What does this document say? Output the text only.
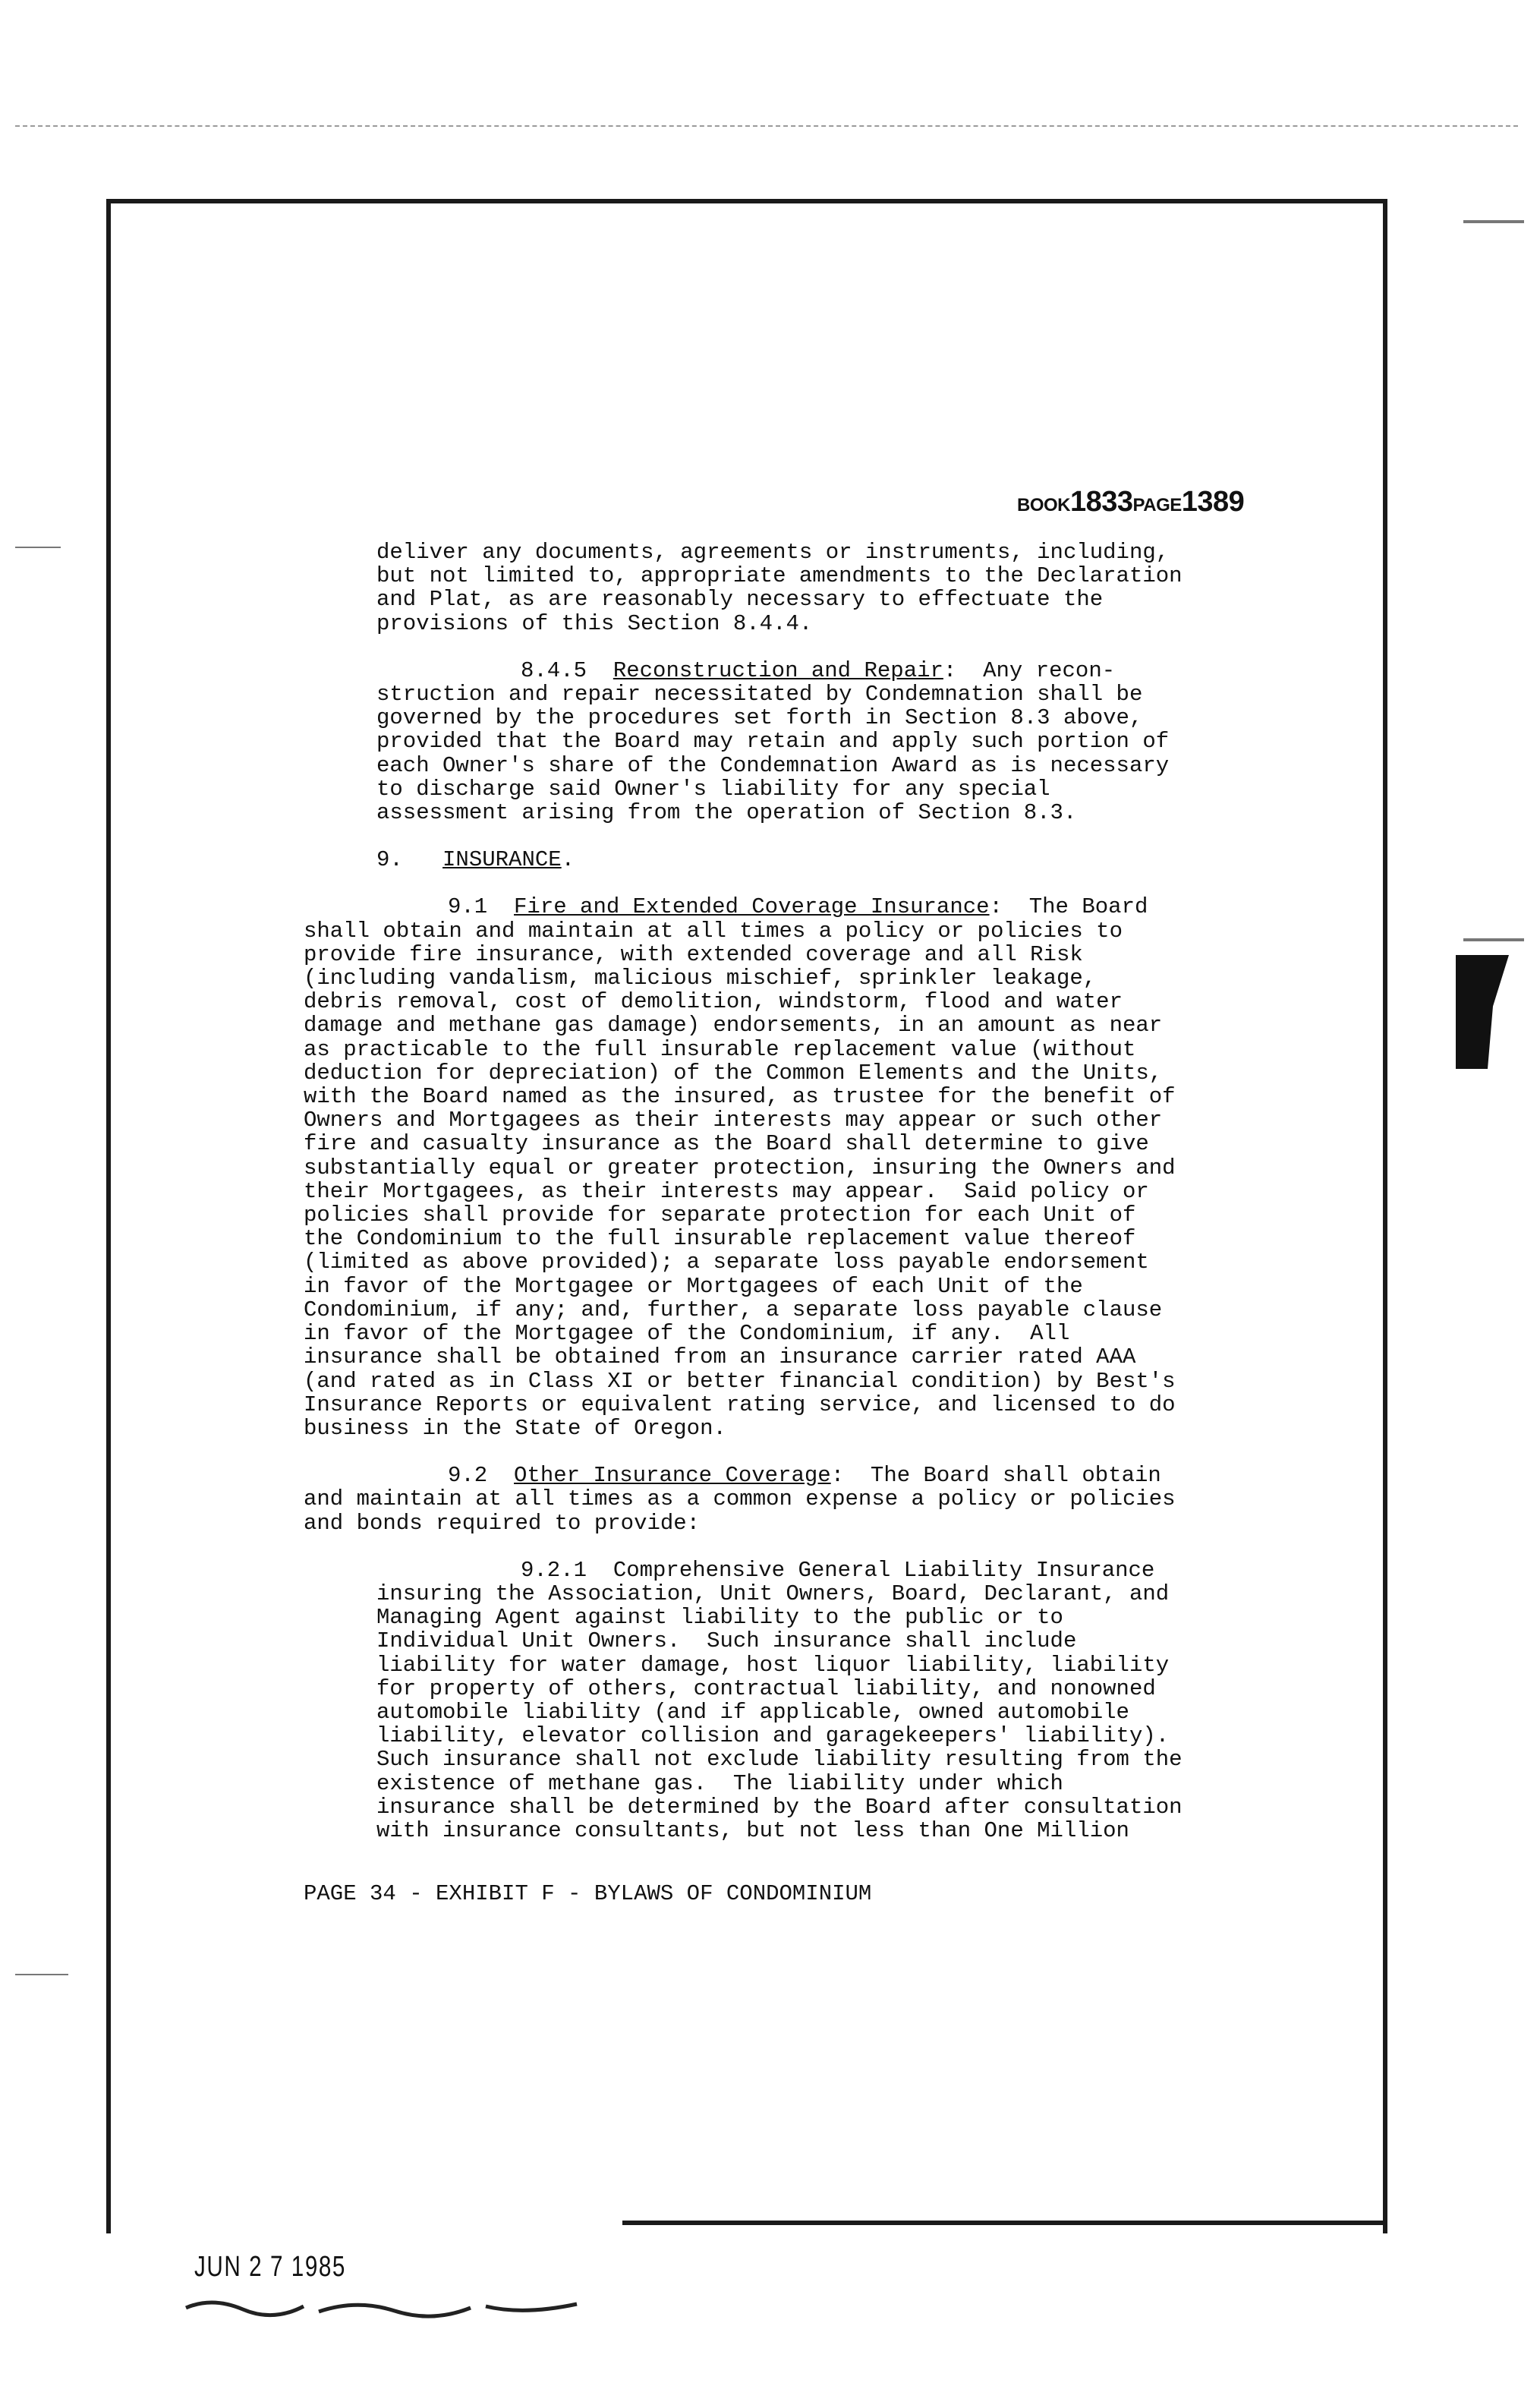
BOOK1833PAGE1389
deliver any documents, agreements or instruments, including,
but not limited to, appropriate amendments to the Declaration
and Plat, as are reasonably necessary to effectuate the
provisions of this Section 8.4.4.
8.4.5 Reconstruction and Repair:  Any recon-
struction and repair necessitated by Condemnation shall be
governed by the procedures set forth in Section 8.3 above,
provided that the Board may retain and apply such portion of
each Owner's share of the Condemnation Award as is necessary
to discharge said Owner's liability for any special
assessment arising from the operation of Section 8.3.
9. INSURANCE.
9.1 Fire and Extended Coverage Insurance:  The Board
shall obtain and maintain at all times a policy or policies to
provide fire insurance, with extended coverage and all Risk
(including vandalism, malicious mischief, sprinkler leakage,
debris removal, cost of demolition, windstorm, flood and water
damage and methane gas damage) endorsements, in an amount as near
as practicable to the full insurable replacement value (without
deduction for depreciation) of the Common Elements and the Units,
with the Board named as the insured, as trustee for the benefit of
Owners and Mortgagees as their interests may appear or such other
fire and casualty insurance as the Board shall determine to give
substantially equal or greater protection, insuring the Owners and
their Mortgagees, as their interests may appear.  Said policy or
policies shall provide for separate protection for each Unit of
the Condominium to the full insurable replacement value thereof
(limited as above provided); a separate loss payable endorsement
in favor of the Mortgagee or Mortgagees of each Unit of the
Condominium, if any; and, further, a separate loss payable clause
in favor of the Mortgagee of the Condominium, if any.  All
insurance shall be obtained from an insurance carrier rated AAA
(and rated as in Class XI or better financial condition) by Best's
Insurance Reports or equivalent rating service, and licensed to do
business in the State of Oregon.
9.2 Other Insurance Coverage:  The Board shall obtain
and maintain at all times as a common expense a policy or policies
and bonds required to provide:
9.2.1  Comprehensive General Liability Insurance
insuring the Association, Unit Owners, Board, Declarant, and
Managing Agent against liability to the public or to
Individual Unit Owners.  Such insurance shall include
liability for water damage, host liquor liability, liability
for property of others, contractual liability, and nonowned
automobile liability (and if applicable, owned automobile
liability, elevator collision and garagekeepers' liability).
Such insurance shall not exclude liability resulting from the
existence of methane gas.  The liability under which
insurance shall be determined by the Board after consultation
with insurance consultants, but not less than One Million
PAGE 34 - EXHIBIT F - BYLAWS OF CONDOMINIUM
JUN 2 7 1985
